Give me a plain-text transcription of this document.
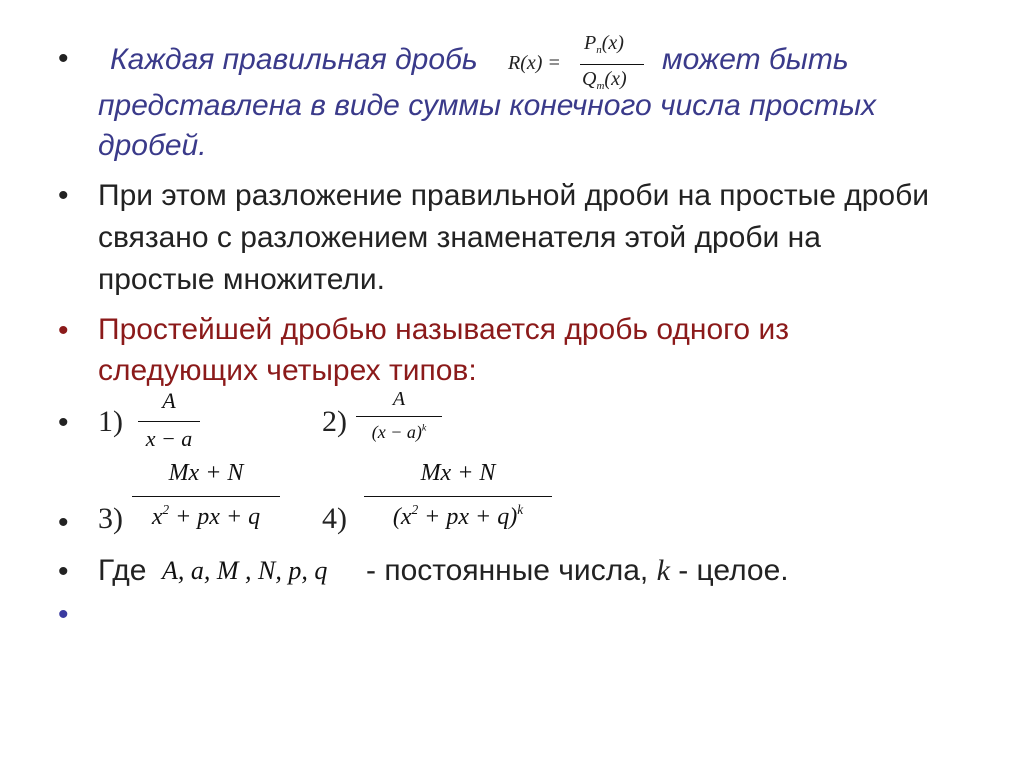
• Каждая правильная дробь R(x) =
$P_n(x)$
$Q_m(x)$
может быть
представлена в виде суммы конечного числа простых
дробей.
• При этом разложение правильной дроби на простые дроби
связано с разложением знаменателя этой дроби на
простые множители.
• Простейшей дробью называется дробь одного из
следующих четырех типов:
• 1)
A
x − a
2)
A
$(x - a)^k$
• 3)
Mx + N
$x^2$ + px + q	4)
Mx + N
($x^2$ + px + q)$^k$
• Где A, a, M , N, p, q - постоянные числа, k - целое.
•
